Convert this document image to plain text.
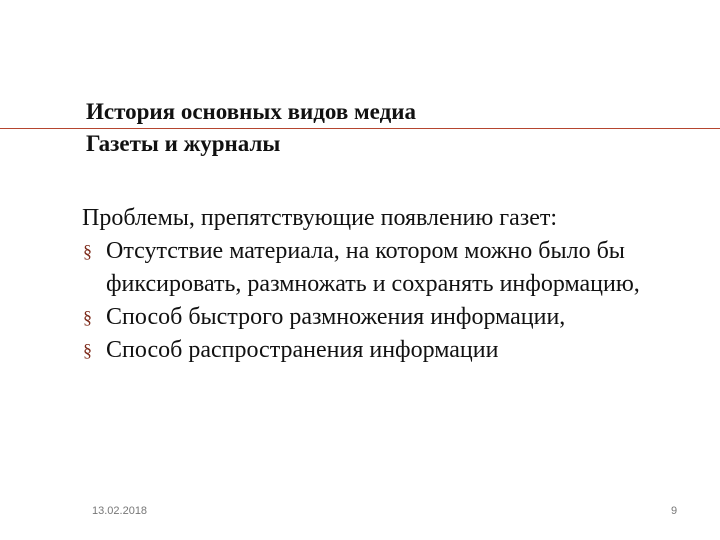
История основных видов медиа
Газеты и журналы
Проблемы, препятствующие появлению газет:
§ Отсутствие материала, на котором можно было бы фиксировать, размножать и сохранять информацию,
§ Способ быстрого размножения информации,
§ Способ распространения информации
13.02.2018	9
